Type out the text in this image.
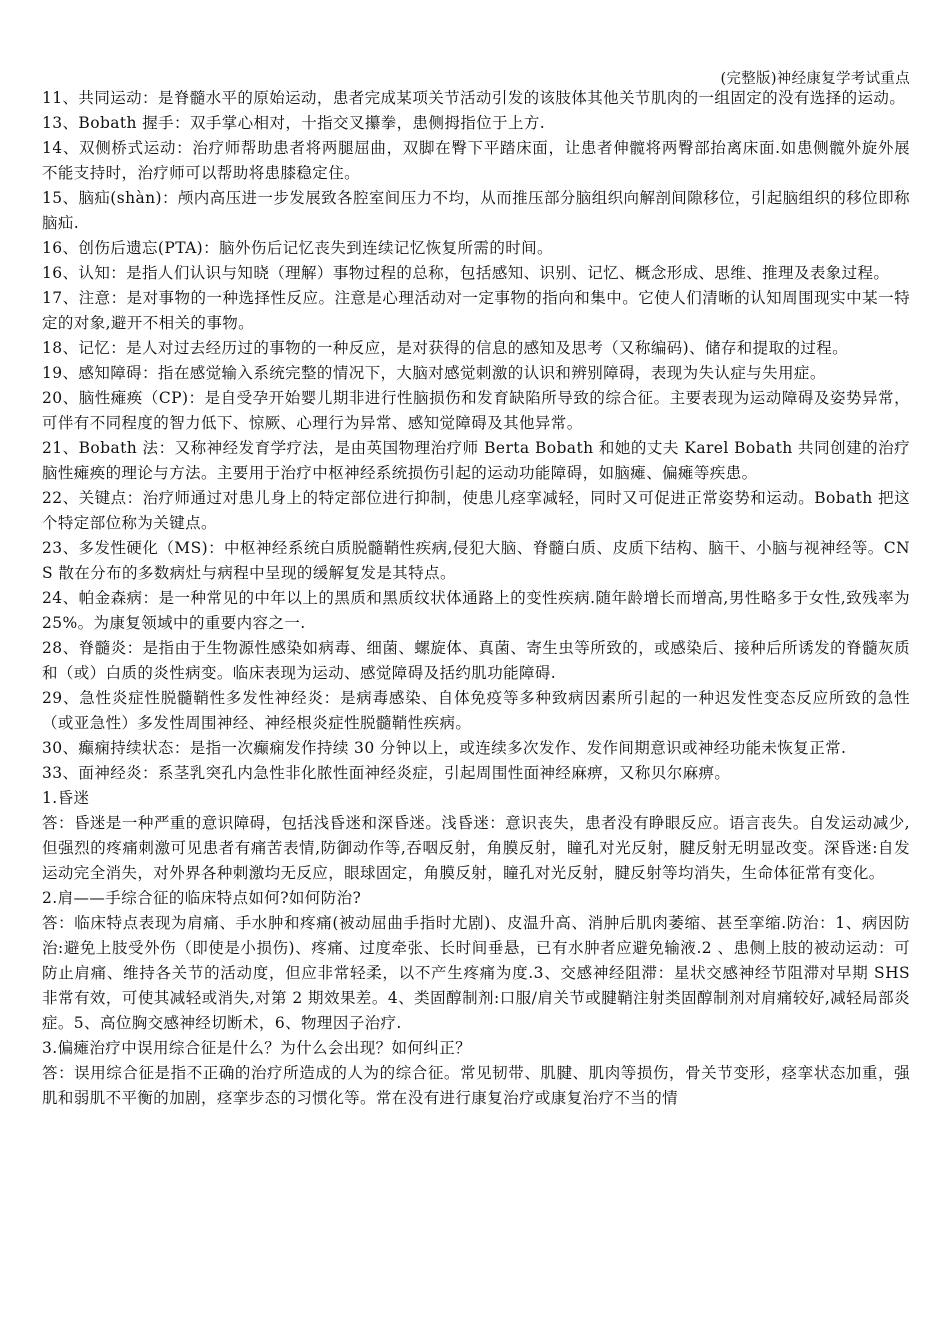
(完整版)神经康复学考试重点

11、共同运动：是脊髓水平的原始运动，患者完成某项关节活动引发的该肢体其他关节肌肉的一组固定的没有选择的运动。

13、Bobath 握手：双手掌心相对，十指交叉攥拳，患侧拇指位于上方.

14、双侧桥式运动：治疗师帮助患者将两腿屈曲，双脚在臀下平踏床面，让患者伸髋将两臀部抬离床面.如患侧髋外旋外展不能支持时，治疗师可以帮助将患膝稳定住。

15、脑疝(shàn)：颅内高压进一步发展致各腔室间压力不均，从而推压部分脑组织向解剖间隙移位，引起脑组织的移位即称脑疝.

16、创伤后遗忘(PTA)：脑外伤后记忆丧失到连续记忆恢复所需的时间。

16、认知：是指人们认识与知晓（理解）事物过程的总称，包括感知、识别、记忆、概念形成、思维、推理及表象过程。

17、注意：是对事物的一种选择性反应。注意是心理活动对一定事物的指向和集中。它使人们清晰的认知周围现实中某一特定的对象,避开不相关的事物。

18、记忆：是人对过去经历过的事物的一种反应，是对获得的信息的感知及思考（又称编码)、储存和提取的过程。

19、感知障碍：指在感觉输入系统完整的情况下，大脑对感觉刺激的认识和辨别障碍，表现为失认症与失用症。

20、脑性瘫痪（CP)：是自受孕开始婴儿期非进行性脑损伤和发育缺陷所导致的综合征。主要表现为运动障碍及姿势异常，可伴有不同程度的智力低下、惊厥、心理行为异常、感知觉障碍及其他异常。

21、Bobath 法：又称神经发育学疗法，是由英国物理治疗师 Berta Bobath 和她的丈夫 Karel Bobath 共同创建的治疗脑性瘫痪的理论与方法。主要用于治疗中枢神经系统损伤引起的运动功能障碍，如脑瘫、偏瘫等疾患。

22、关键点：治疗师通过对患儿身上的特定部位进行抑制，使患儿痉挛减轻，同时又可促进正常姿势和运动。Bobath 把这个特定部位称为关键点。

23、多发性硬化（MS)：中枢神经系统白质脱髓鞘性疾病,侵犯大脑、脊髓白质、皮质下结构、脑干、小脑与视神经等。CNS 散在分布的多数病灶与病程中呈现的缓解复发是其特点。

24、帕金森病：是一种常见的中年以上的黑质和黑质纹状体通路上的变性疾病.随年龄增长而增高,男性略多于女性,致残率为 25%。为康复领域中的重要内容之一.

28、脊髓炎：是指由于生物源性感染如病毒、细菌、螺旋体、真菌、寄生虫等所致的，或感染后、接种后所诱发的脊髓灰质和（或）白质的炎性病变。临床表现为运动、感觉障碍及括约肌功能障碍.

29、急性炎症性脱髓鞘性多发性神经炎：是病毒感染、自体免疫等多种致病因素所引起的一种迟发性变态反应所致的急性（或亚急性）多发性周围神经、神经根炎症性脱髓鞘性疾病。

30、癫痫持续状态：是指一次癫痫发作持续 30 分钟以上，或连续多次发作、发作间期意识或神经功能未恢复正常.

33、面神经炎：系茎乳突孔内急性非化脓性面神经炎症，引起周围性面神经麻痹，又称贝尔麻痹。

1.昏迷

答：昏迷是一种严重的意识障碍，包括浅昏迷和深昏迷。浅昏迷：意识丧失，患者没有睁眼反应。语言丧失。自发运动减少,但强烈的疼痛刺激可见患者有痛苦表情,防御动作等,吞咽反射，角膜反射，瞳孔对光反射，腱反射无明显改变。深昏迷:自发运动完全消失，对外界各种刺激均无反应，眼球固定，角膜反射，瞳孔对光反射，腱反射等均消失，生命体征常有变化。

2.肩——手综合征的临床特点如何?如何防治?

答：临床特点表现为肩痛、手水肿和疼痛(被动屈曲手指时尤剧)、皮温升高、消肿后肌肉萎缩、甚至挛缩.防治：1、病因防治:避免上肢受外伤（即使是小损伤)、疼痛、过度牵张、长时间垂悬，已有水肿者应避免输液.2 、患侧上肢的被动运动：可防止肩痛、维持各关节的活动度，但应非常轻柔，以不产生疼痛为度.3、交感神经阻滞：星状交感神经节阻滞对早期 SHS 非常有效，可使其减轻或消失,对第 2 期效果差。4、类固醇制剂:口服/肩关节或腱鞘注射类固醇制剂对肩痛较好,减轻局部炎症。5、高位胸交感神经切断术，6、物理因子治疗.

3.偏瘫治疗中误用综合征是什么？为什么会出现？如何纠正？

答：误用综合征是指不正确的治疗所造成的人为的综合征。常见韧带、肌腱、肌肉等损伤，骨关节变形，痉挛状态加重，强肌和弱肌不平衡的加剧，痉挛步态的习惯化等。常在没有进行康复治疗或康复治疗不当的情
